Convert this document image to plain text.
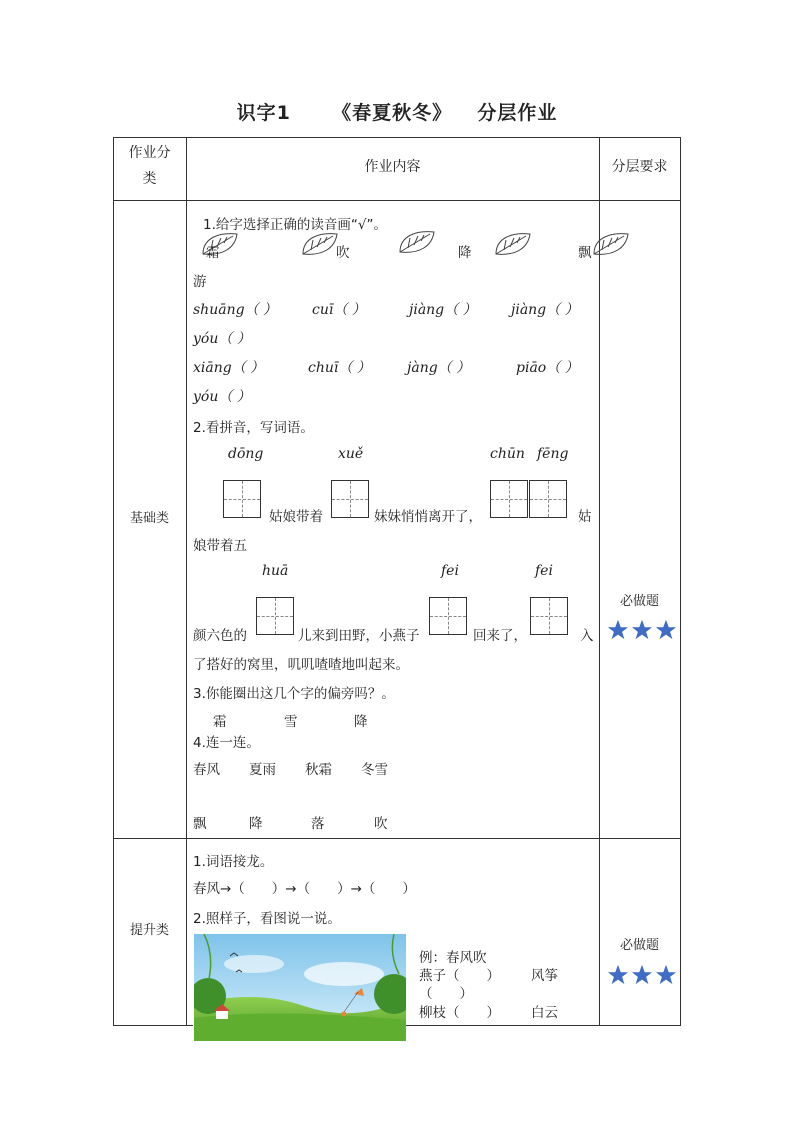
识字1 《春夏秋冬》 分层作业
作业分
类
作业内容	分层要求
基础类
1.给字选择正确的读音画“√”。
霜	吹	降	飘
游
shuāng（ ）	cuī（ ）	jiàng（ ） jiàng（ ）
yóu（ ）
xiāng（ ）	chuī（ ）	jàng（ ）	piāo（ ）
yóu（ ）
2.看拼音，写词语。
dōng	xuě	chūn fēng
姑娘带着	妹妹悄悄离开了，	姑
娘带着五
huā	fei	fei
颜六色的	儿来到田野，小燕子	回来了，	入
了搭好的窝里，叽叽喳喳地叫起来。
3.你能圈出这几个字的偏旁吗？。
霜	雪	降
4.连一连。
春风 夏雨 秋霜 冬雪
飘	降	落	吹
必做题
提升类
1.词语接龙。
春风→（　　）→（　　）→（　　）
2.照样子，看图说一说。
例：春风吹
燕子（　　） 风筝
（　　）
柳枝（　　） 白云
必做题
